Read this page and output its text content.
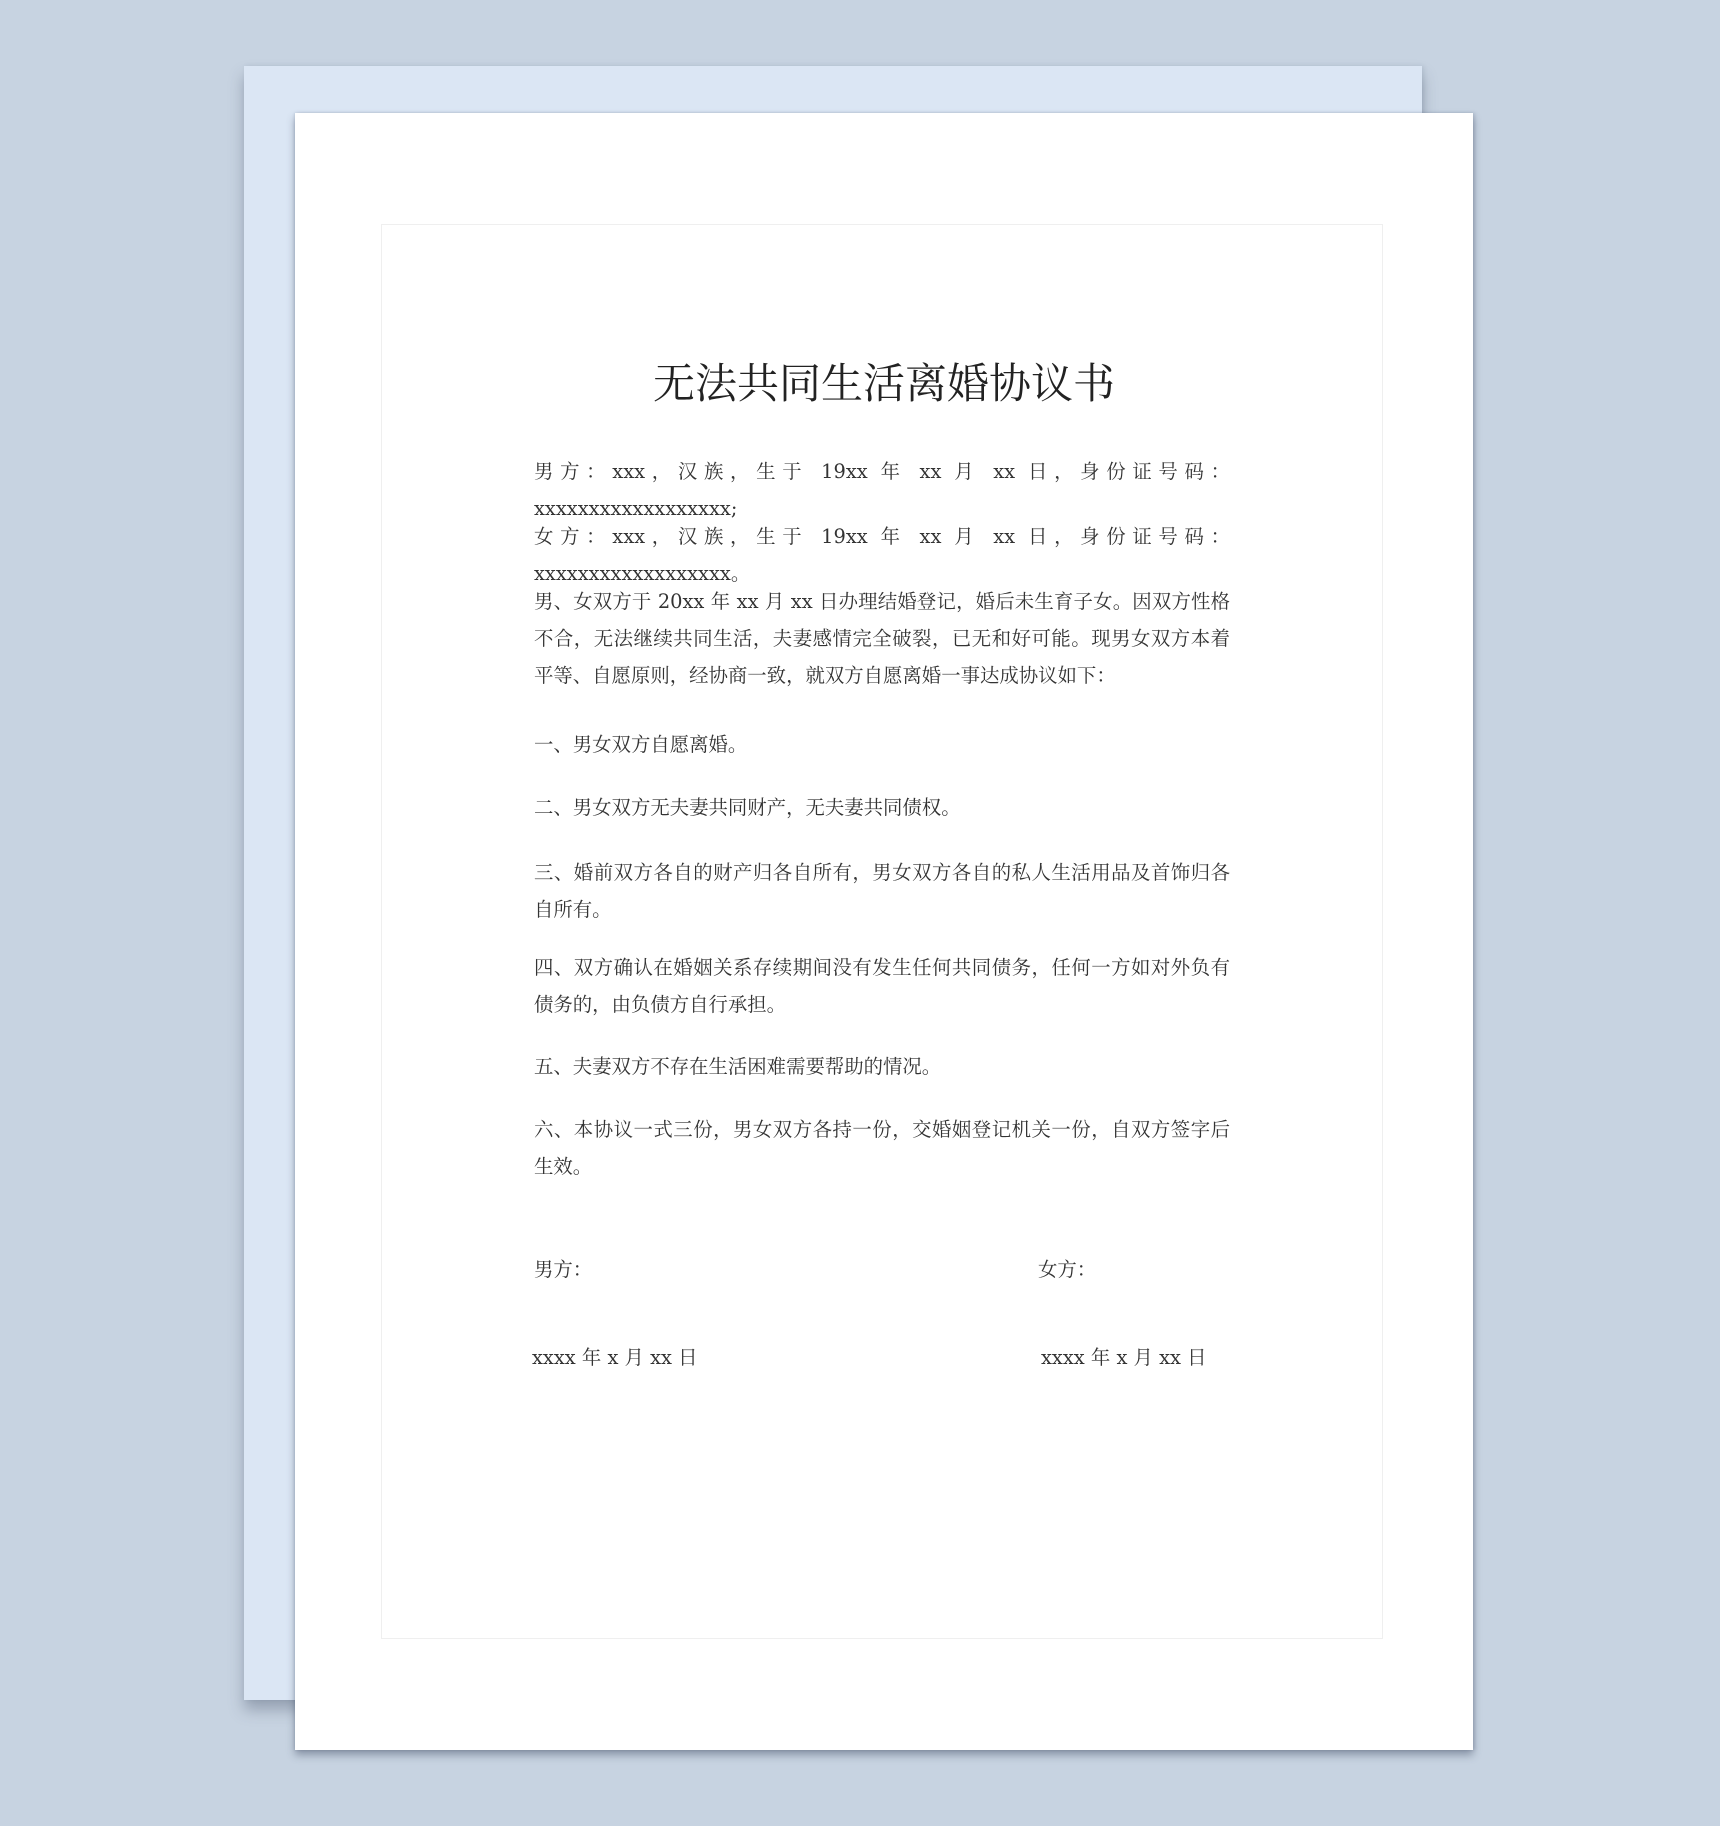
无法共同生活离婚协议书

男方：xxx，汉族，生于 19xx 年 xx 月 xx 日，身份证号码：xxxxxxxxxxxxxxxxxx;

女方：xxx，汉族，生于 19xx 年 xx 月 xx 日，身份证号码：xxxxxxxxxxxxxxxxxx。

男、女双方于 20xx 年 xx 月 xx 日办理结婚登记，婚后未生育子女。因双方性格不合，无法继续共同生活，夫妻感情完全破裂，已无和好可能。现男女双方本着平等、自愿原则，经协商一致，就双方自愿离婚一事达成协议如下：

一、男女双方自愿离婚。

二、男女双方无夫妻共同财产，无夫妻共同债权。

三、婚前双方各自的财产归各自所有，男女双方各自的私人生活用品及首饰归各自所有。

四、双方确认在婚姻关系存续期间没有发生任何共同债务，任何一方如对外负有债务的，由负债方自行承担。

五、夫妻双方不存在生活困难需要帮助的情况。

六、本协议一式三份，男女双方各持一份，交婚姻登记机关一份，自双方签字后生效。

男方：	女方：

xxxx 年 x 月 xx 日	xxxx 年 x 月 xx 日
